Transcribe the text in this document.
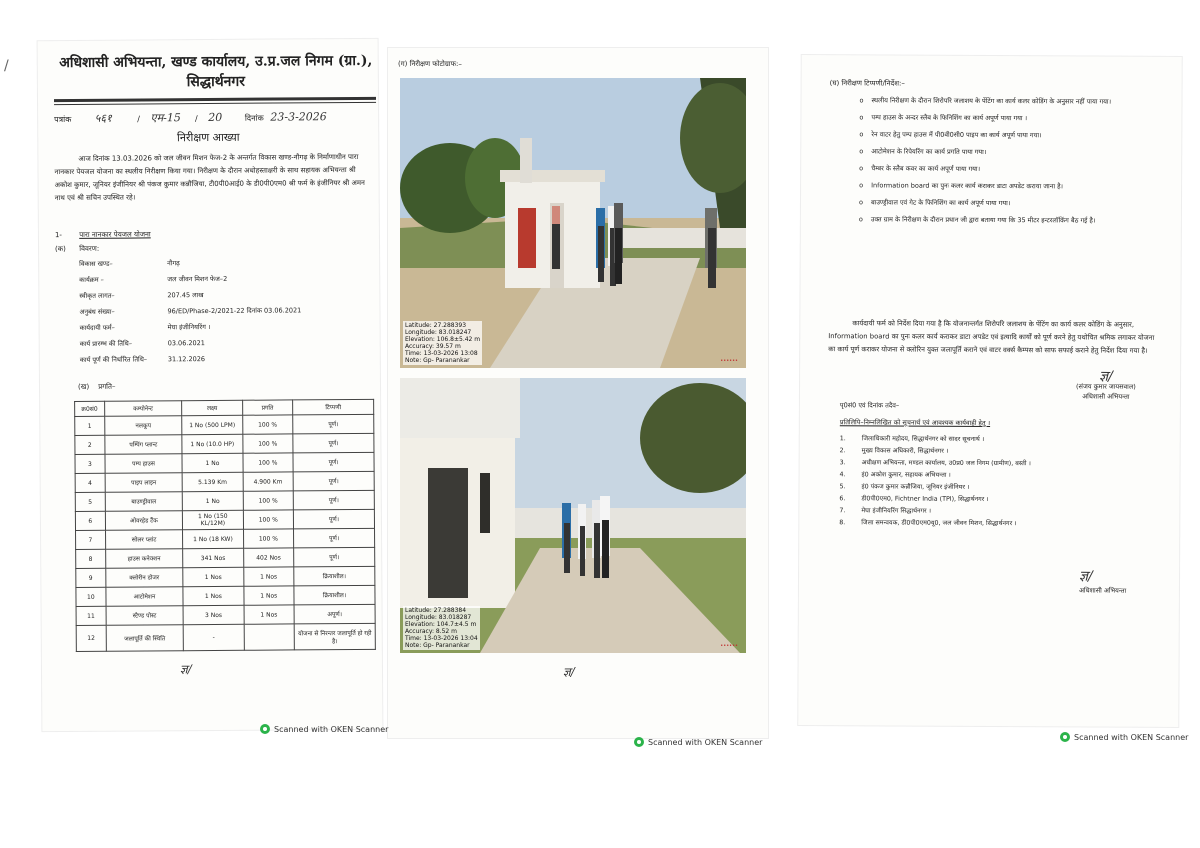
/	अधिशासी अभियन्ता, खण्ड कार्यालय, उ.प्र.जल निगम (ग्रा.),
सिद्धार्थनगर
पत्रांक ५६१	/ एम-15 / 20	दिनांक 23-3-2026
निरीक्षण आख्या
आज दिनांक 13.03.2026 को जल जीवन मिशन फेज-2 के अन्तर्गत विकास खण्ड-नौगढ़ के निर्माणाधीन पारा नानकार पेयजल योजना का स्थलीय निरीक्षण किया गया। निरीक्षण के दौरान अधोहस्ताक्षरी के साथ सहायक अभियन्ता श्री अकोश कुमार, जूनियर इंजीनियर श्री पंकज कुमार कन्नौजिया, टी0पी0आई0 के डी0पी0एम0 श्री फर्म के इंजीनियर श्री अमन नाथ एवं श्री सचिन उपस्थित रहे।
1- पारा नानकार पेयजल योजना
(क) विवरण:
विकास खण्ड–	नौगढ़
कार्यक्रम –	जल जीवन मिशन फेज–2
स्वीकृत लागत–	207.45 लाख
अनुबंध संख्या–	96/ED/Phase-2/2021-22 दिनांक 03.06.2021
कार्यदायी फर्म–	मेघा इंजीनियरिंग ।
कार्य प्रारम्भ की तिथि–	03.06.2021
कार्य पूर्ण की निर्धारित तिथि–	31.12.2026
(ख) प्रगति–
क्र0सं0	कम्पोनेन्ट	लक्ष्य	प्रगति	टिप्पणी
1	नलकूप	1 No (500 LPM)	100 %	पूर्ण।
2	पम्पिंग प्लान्ट	1 No (10.0 HP)	100 %	पूर्ण।
3	पम्प हाउस	1 No	100 %	पूर्ण।
4	पाइप लाइन	5.139 Km	4.900 Km	पूर्ण।
5	बाउण्ड्रीवाल	1 No	100 %	पूर्ण।
6	ओवरहेड टैंक	1 No (150 KL/12M)	100 %	पूर्ण।
7	सोलर प्लांट	1 No (18 KW)	100 %	पूर्ण।
8	हाउस कनेक्शन	341 Nos	402 Nos	पूर्ण।
9	क्लोरीन डोजर	1 Nos	1 Nos	क्रियाशील।
10	आटोमेशन	1 Nos	1 Nos	क्रियाशील।
11	स्टैण्ड पोस्ट	3 Nos	1 Nos	अपूर्ण।
12	जलापूर्ति की स्थिति	-		योजना से निरन्तर जलापूर्ति हो रही है।
ज्ञ/
(ग) निरीक्षण फोटोग्राफ:–
Latitude: 27.288393
Longitude: 83.018247
Elevation: 106.8±5.42 m
Accuracy: 39.57 m
Time: 13-03-2026 13:08
Note: Gp- Paranankar	••••••
Latitude: 27.288384
Longitude: 83.018287
Elevation: 104.7±4.5 m
Accuracy: 8.52 m
Time: 13-03-2026 13:04
Note: Gp- Paranankar	••••••
ज्ञ/
(घ) निरीक्षण टिप्पणी/निर्देश:–
o स्थलीय निरीक्षण के दौरान शिरोपरि जलाशय के पेंटिंग का कार्य कलर कोडिंग के अनुसार नहीं पाया गया।
o पम्प हाउस के अन्दर स्लैब के फिनिशिंग का कार्य अपूर्ण पाया गया ।
o रेन वाटर हेतु पम्प हाउस में पी0वी0सी0 पाइप का कार्य अपूर्ण पाया गया।
o आटोमेशन के रिपेयरिंग का कार्य प्रगति पाया गया।
o चैम्बर के स्लैब कवर का कार्य अपूर्ण पाया गया।
o Information board का पुनः कलर कार्य कराकर डाटा अपडेट कराया जाना है।
o बाउण्ड्रीवाल एवं गेट के फिनिशिंग का कार्य अपूर्ण पाया गया।
o उक्त ग्राम के निरीक्षण के दौरान प्रधान जी द्वारा बताया गया कि 35 मीटर इन्टरलॉकिंग बैठ गई है।
कार्यदायी फर्म को निर्देश दिया गया है कि योजनान्तर्गत शिरोपरि जलाशय के पेंटिंग का कार्य कलर कोडिंग के अनुसार, Information board का पुनः कलर कार्य कराकर डाटा अपडेट एवं इत्यादि कार्यों को पूर्ण करने हेतु यथोचित श्रमिक लगाकर योजना का कार्य पूर्ण कराकर योजना से क्लोरिन युक्त जलापूर्ति कराने एवं वाटर वर्क्स कैम्पस को साफ सफाई कराने हेतु निर्देश दिया गया है।
ज्ञ/
(संजय कुमार जायसवाल)
अधिशासी अभियन्ता
पृ0सं0 एवं दिनांक तदैव–
प्रतिलिपि–निम्नलिखित को सूचनार्थ एवं आवश्यक कार्यवाही हेतु ।
1.	जिलाधिकारी महोदय, सिद्धार्थनगर को सादर सूचनार्थ ।
2.	मुख्य विकास अधिकारी, सिद्धार्थनगर ।
3.	अधीक्षण अभियन्ता, मण्डल कार्यालय, उ0प्र0 जल निगम (ग्रामीण), बस्ती ।
4.	इं0 अकोश कुमार, सहायक अभियन्ता ।
5.	इं0 पंकज कुमार कन्नौजिया, जूनियर इंजीनियर ।
6.	डी0पी0एम0, Fichtner India (TPI), सिद्धार्थनगर ।
7.	मेघा इंजीनियरिंग सिद्धार्थनगर ।
8.	जिला समन्वयक, डी0पी0एम0यू0, जल जीवन मिशन, सिद्धार्थनगर ।
ज्ञ/
अधिशासी अभियन्ता
Scanned with OKEN Scanner
Scanned with OKEN Scanner
Scanned with OKEN Scanner
